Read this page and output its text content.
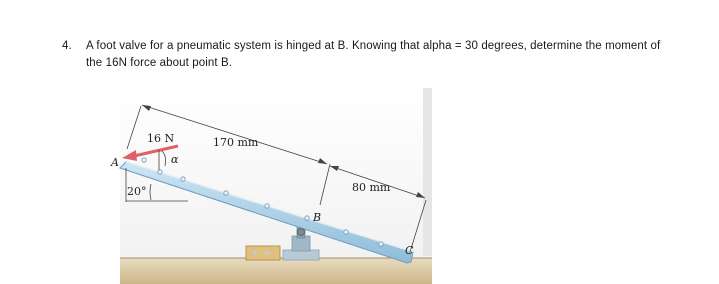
4. A foot valve for a pneumatic system is hinged at B. Knowing that alpha = 30 degrees, determine the moment of
the 16N force about point B.
16 N	170 mm
80 mm
α
20°
A
B
C
